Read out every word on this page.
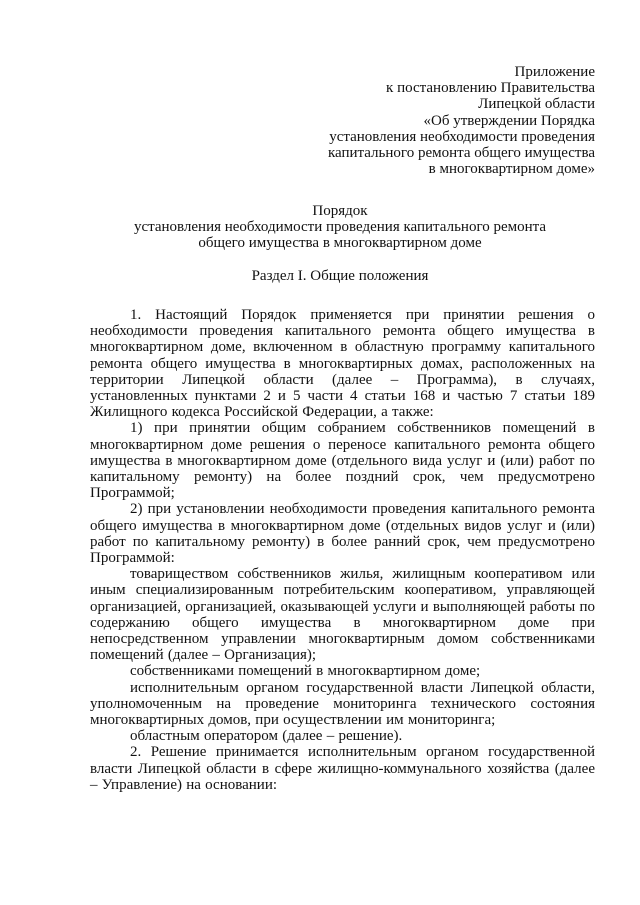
Приложение
к постановлению Правительства
Липецкой области
«Об утверждении Порядка
установления необходимости проведения
капитального ремонта общего имущества
в многоквартирном доме»
Порядок
установления необходимости проведения капитального ремонта
общего имущества в многоквартирном доме
Раздел I. Общие положения

1. Настоящий Порядок применяется при принятии решения о необходимости проведения капитального ремонта общего имущества в многоквартирном доме, включенном в областную программу капитального ремонта общего имущества в многоквартирных домах, расположенных на территории Липецкой области (далее – Программа), в случаях, установленных пунктами 2 и 5 части 4 статьи 168 и частью 7 статьи 189 Жилищного кодекса Российской Федерации, а также:

1) при принятии общим собранием собственников помещений в многоквартирном доме решения о переносе капитального ремонта общего имущества в многоквартирном доме (отдельного вида услуг и (или) работ по капитальному ремонту) на более поздний срок, чем предусмотрено Программой;

2) при установлении необходимости проведения капитального ремонта общего имущества в многоквартирном доме (отдельных видов услуг и (или) работ по капитальному ремонту) в более ранний срок, чем предусмотрено Программой:

товариществом собственников жилья, жилищным кооперативом или иным специализированным потребительским кооперативом, управляющей организацией, организацией, оказывающей услуги и выполняющей работы по содержанию общего имущества в многоквартирном доме при непосредственном управлении многоквартирным домом собственниками помещений (далее – Организация);

собственниками помещений в многоквартирном доме;

исполнительным органом государственной власти Липецкой области, уполномоченным на проведение мониторинга технического состояния многоквартирных домов, при осуществлении им мониторинга;

областным оператором (далее – решение).

2. Решение принимается исполнительным органом государственной власти Липецкой области в сфере жилищно-коммунального хозяйства (далее – Управление) на основании:
